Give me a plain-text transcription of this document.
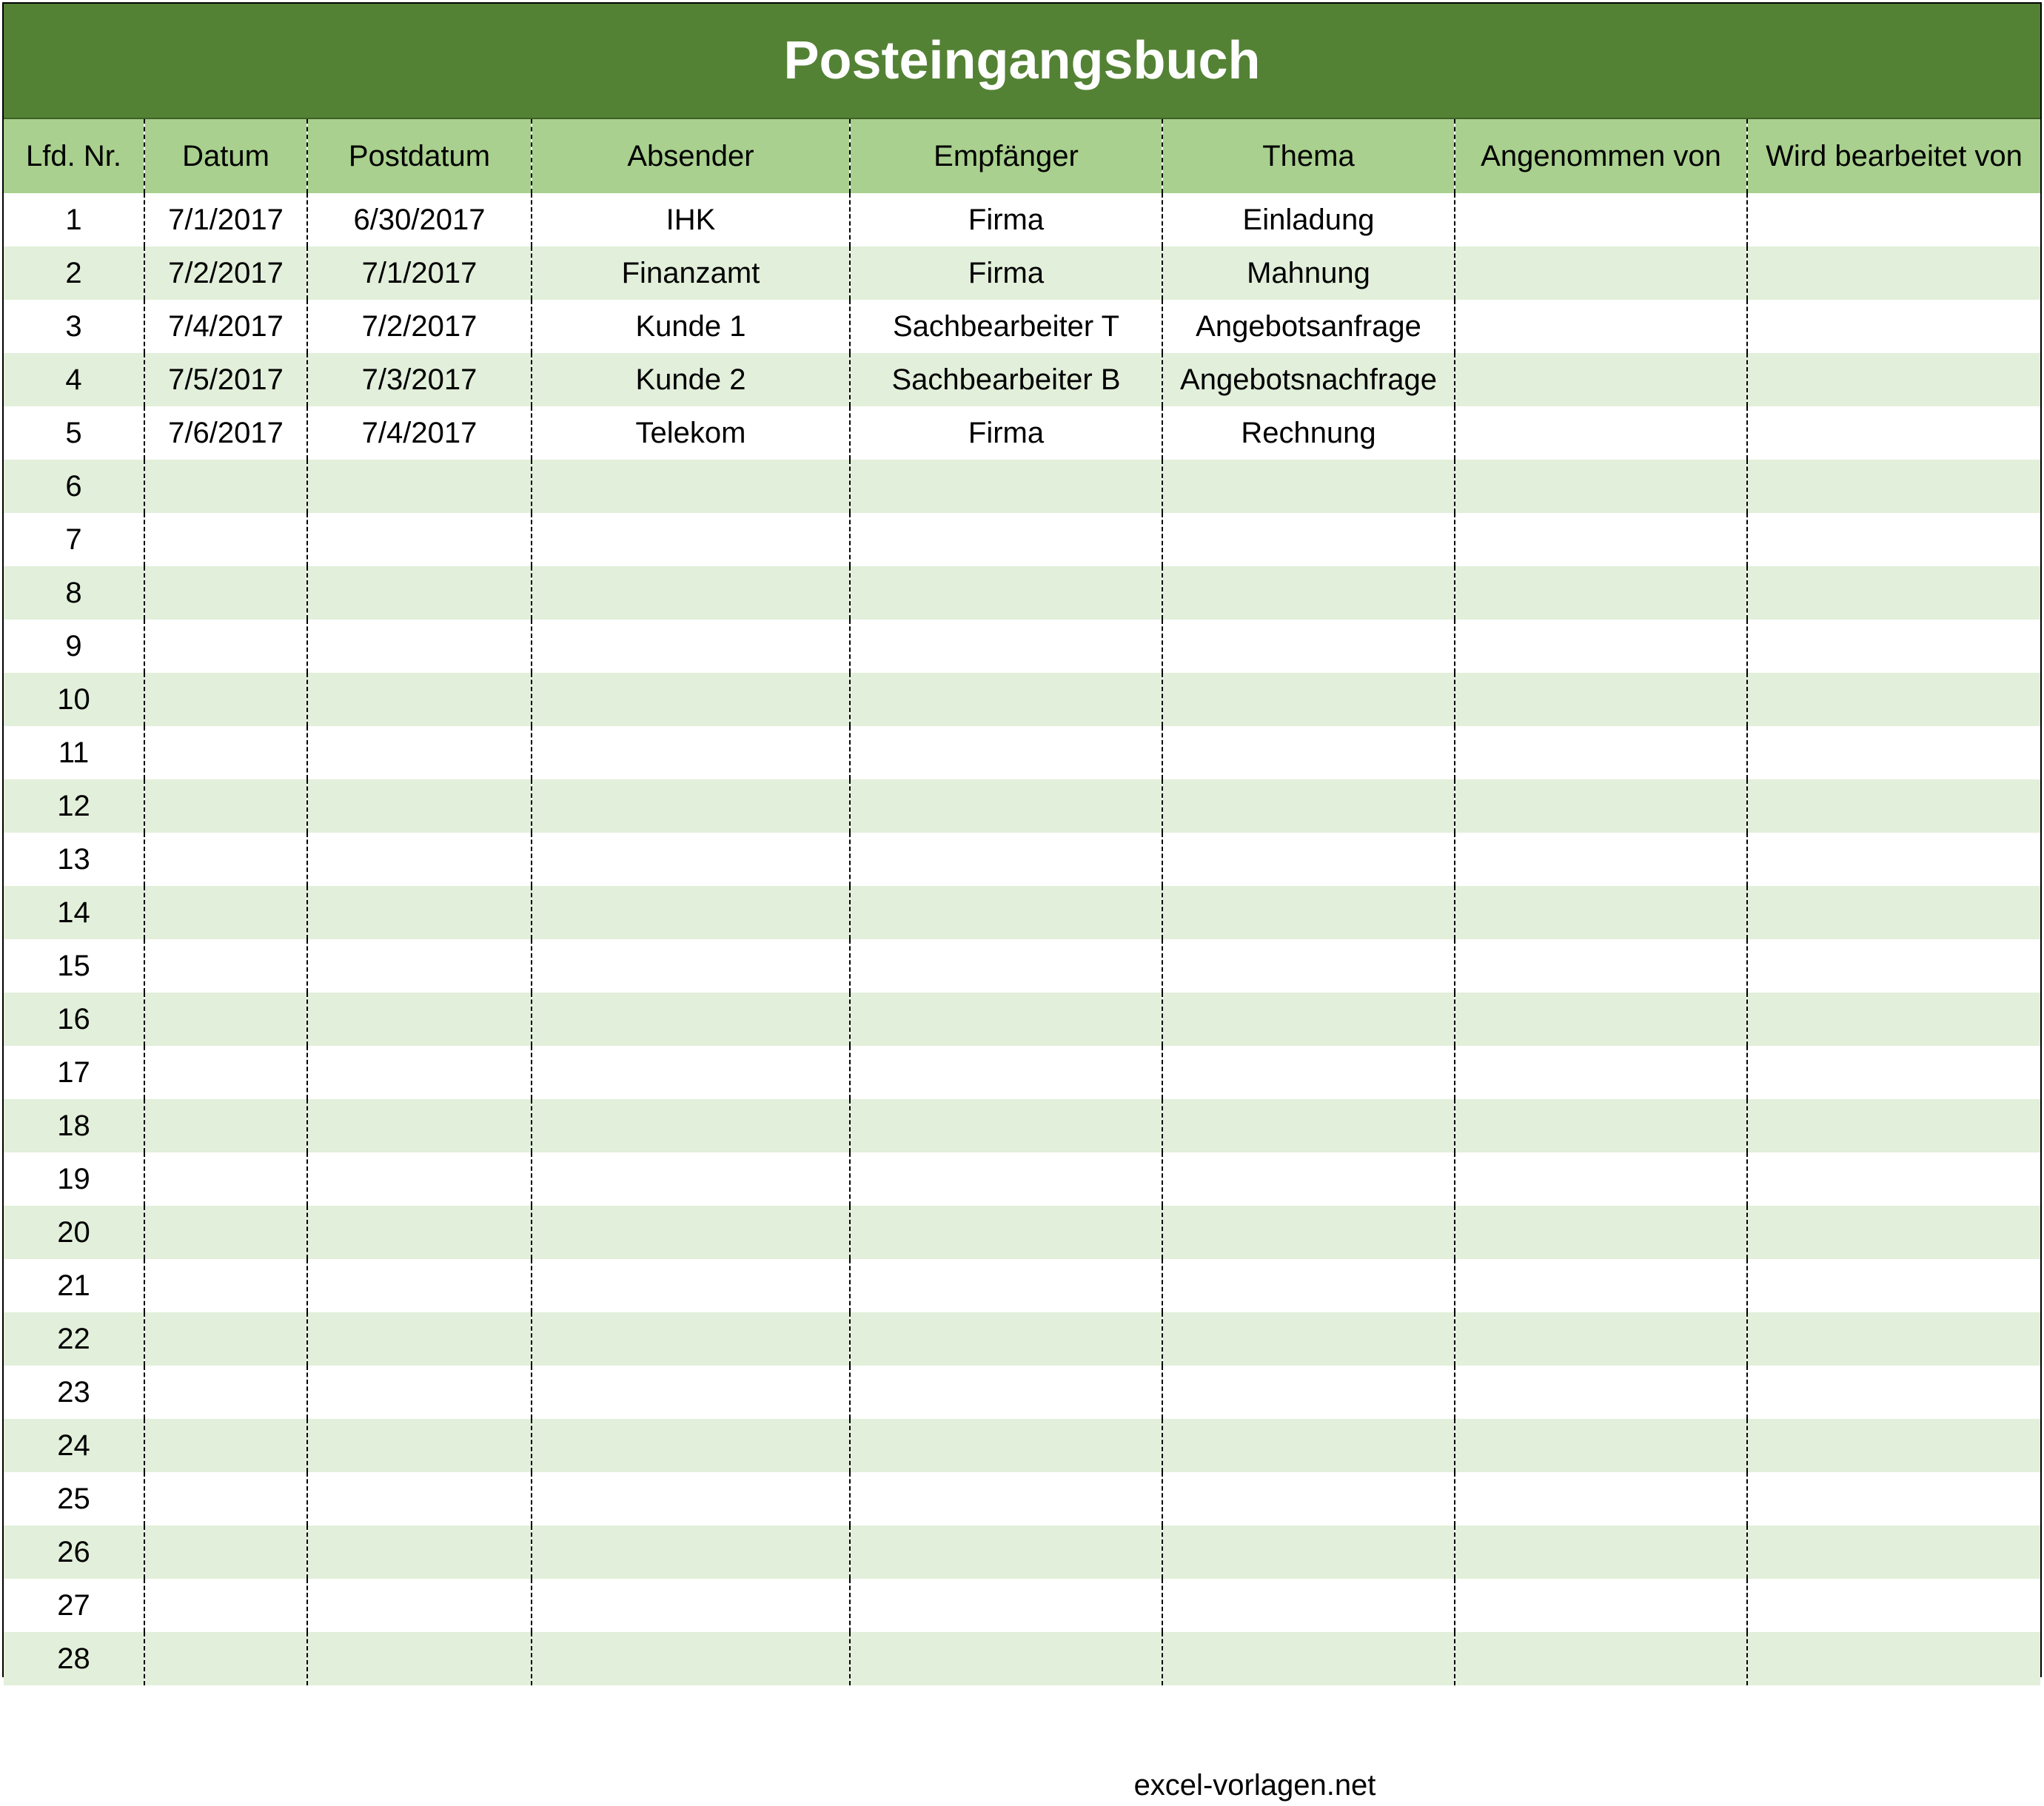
Posteingangsbuch
Lfd. Nr.	Datum	Postdatum	Absender	Empfänger	Thema	Angenommen von	Wird bearbeitet von
1	7/1/2017	6/30/2017	IHK	Firma	Einladung		
2	7/2/2017	7/1/2017	Finanzamt	Firma	Mahnung		
3	7/4/2017	7/2/2017	Kunde 1	Sachbearbeiter T	Angebotsanfrage		
4	7/5/2017	7/3/2017	Kunde 2	Sachbearbeiter B	Angebotsnachfrage		
5	7/6/2017	7/4/2017	Telekom	Firma	Rechnung		
6							
7							
8							
9							
10							
11							
12							
13							
14							
15							
16							
17							
18							
19							
20							
21							
22							
23							
24							
25							
26							
27							
28							
excel-vorlagen.net
